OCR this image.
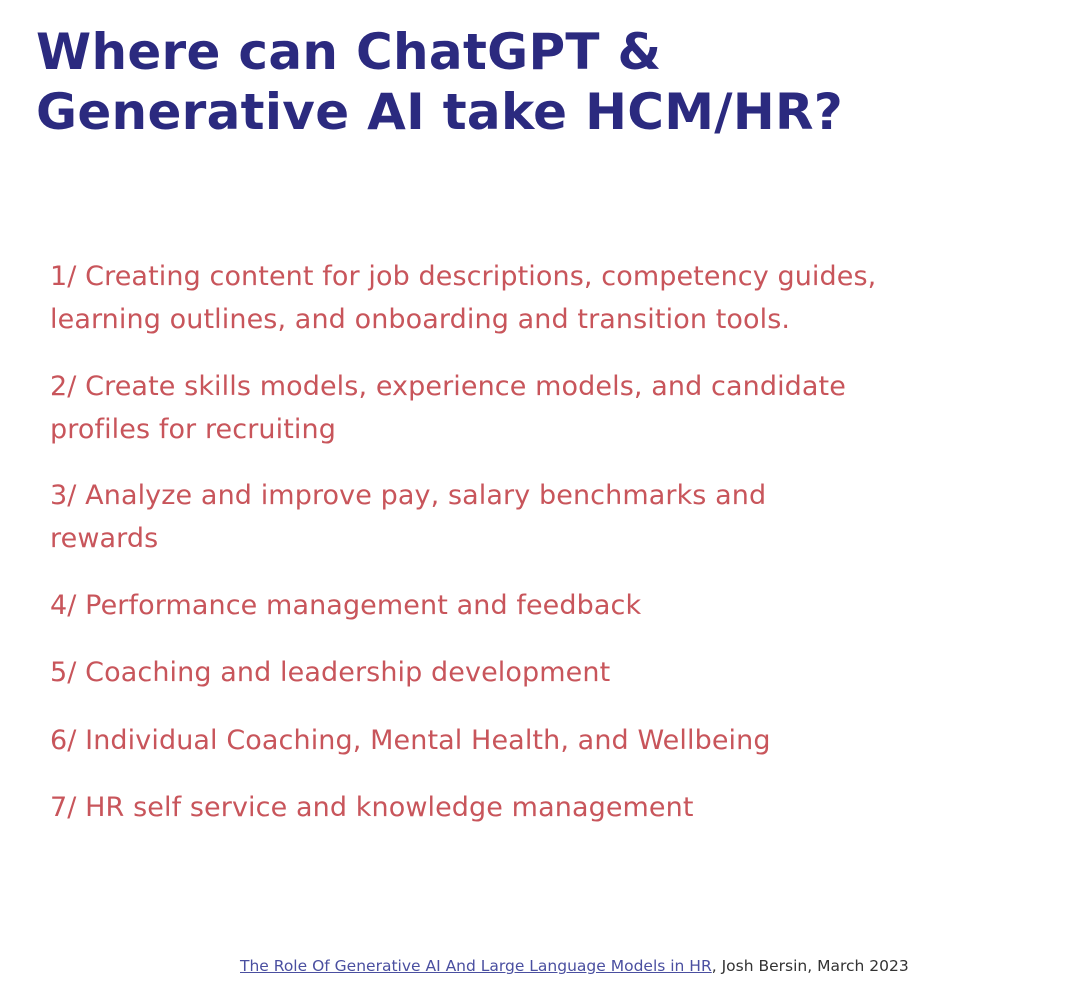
Where can ChatGPT &
Generative AI take HCM/HR?
1/ Creating content for job descriptions, competency guides,
learning outlines, and onboarding and transition tools.
2/ Create skills models, experience models, and candidate
profiles for recruiting
3/ Analyze and improve pay, salary benchmarks and
rewards
4/ Performance management and feedback
5/ Coaching and leadership development
6/ Individual Coaching, Mental Health, and Wellbeing
7/ HR self service and knowledge management
The Role Of Generative AI And Large Language Models in HR, Josh Bersin, March 2023
